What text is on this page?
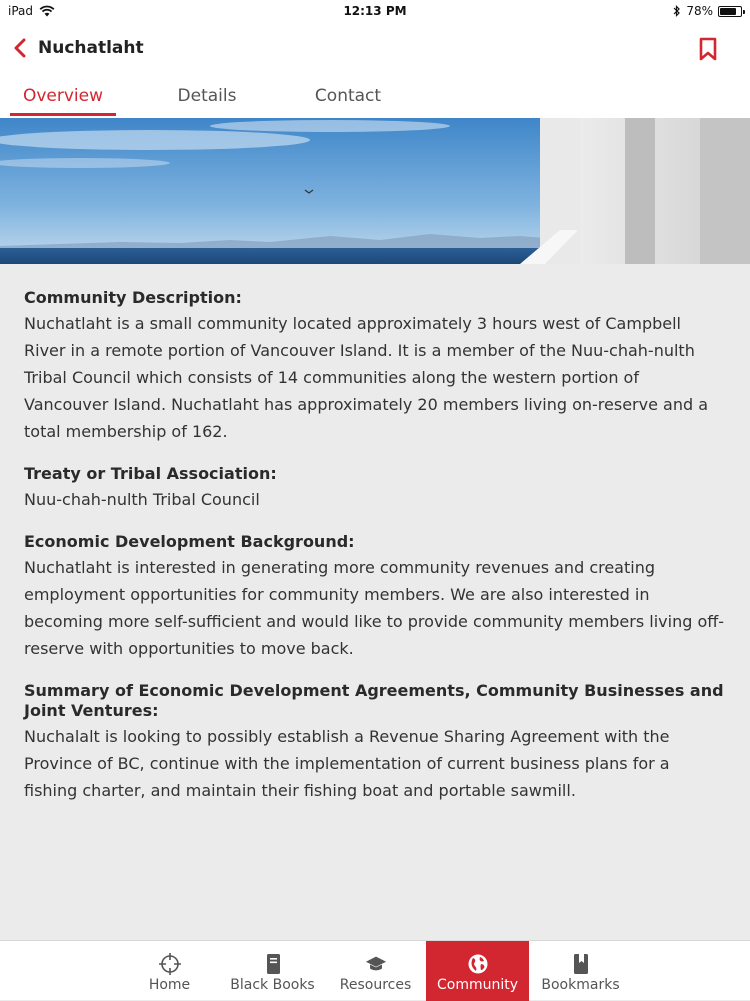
iPad	12:13 PM	78%
Nuchatlaht
Overview	Details	Contact
Community Description:

Nuchatlaht is a small community located approximately 3 hours west of Campbell River in a remote portion of Vancouver Island. It is a member of the Nuu-chah-nulth Tribal Council which consists of 14 communities along the western portion of Vancouver Island. Nuchatlaht has approximately 20 members living on-reserve and a total membership of 162.

Treaty or Tribal Association:

Nuu-chah-nulth Tribal Council

Economic Development Background:

Nuchatlaht is interested in generating more community revenues and creating employment opportunities for community members. We are also interested in becoming more self-sufficient and would like to provide community members living off-reserve with opportunities to move back.

Summary of Economic Development Agreements, Community Businesses and Joint Ventures:

Nuchalalt is looking to possibly establish a Revenue Sharing Agreement with the Province of BC, continue with the implementation of current business plans for a fishing charter, and maintain their fishing boat and portable sawmill.

Home	Black Books Resources Community Bookmarks
